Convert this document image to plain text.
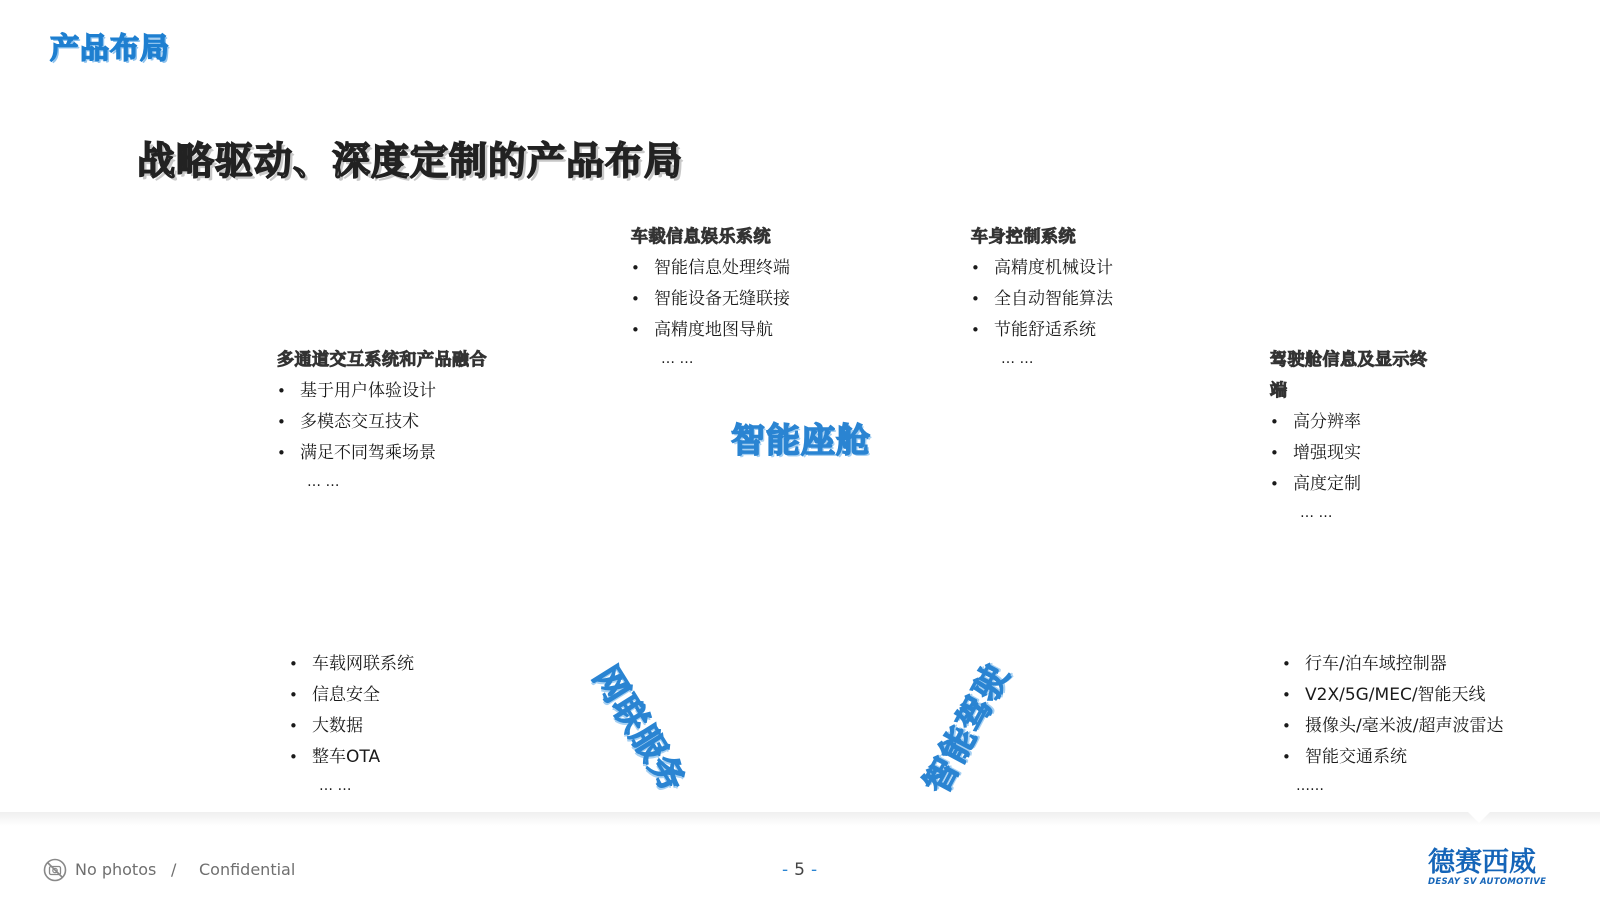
产品布局
战略驱动、深度定制的产品布局
多通道交互系统和产品融合
• 基于用户体验设计
• 多模态交互技术
• 满足不同驾乘场景
… …
车载信息娱乐系统
• 智能信息处理终端
• 智能设备无缝联接
• 高精度地图导航
… …
车身控制系统
• 高精度机械设计
• 全自动智能算法
• 节能舒适系统
… …	驾驶舱信息及显示终
端
• 高分辨率
• 增强现实
• 高度定制
… …
• 车载网联系统
• 信息安全
• 大数据
• 整车OTA
… …
• 行车/泊车域控制器
• V2X/5G/MEC/智能天线
• 摄像头/毫米波/超声波雷达
• 智能交通系统
……
智能座舱
网联服务	智能驾驶
No photos / Confidential	- 5 -	德赛西威
DESAY SV AUTOMOTIVE
